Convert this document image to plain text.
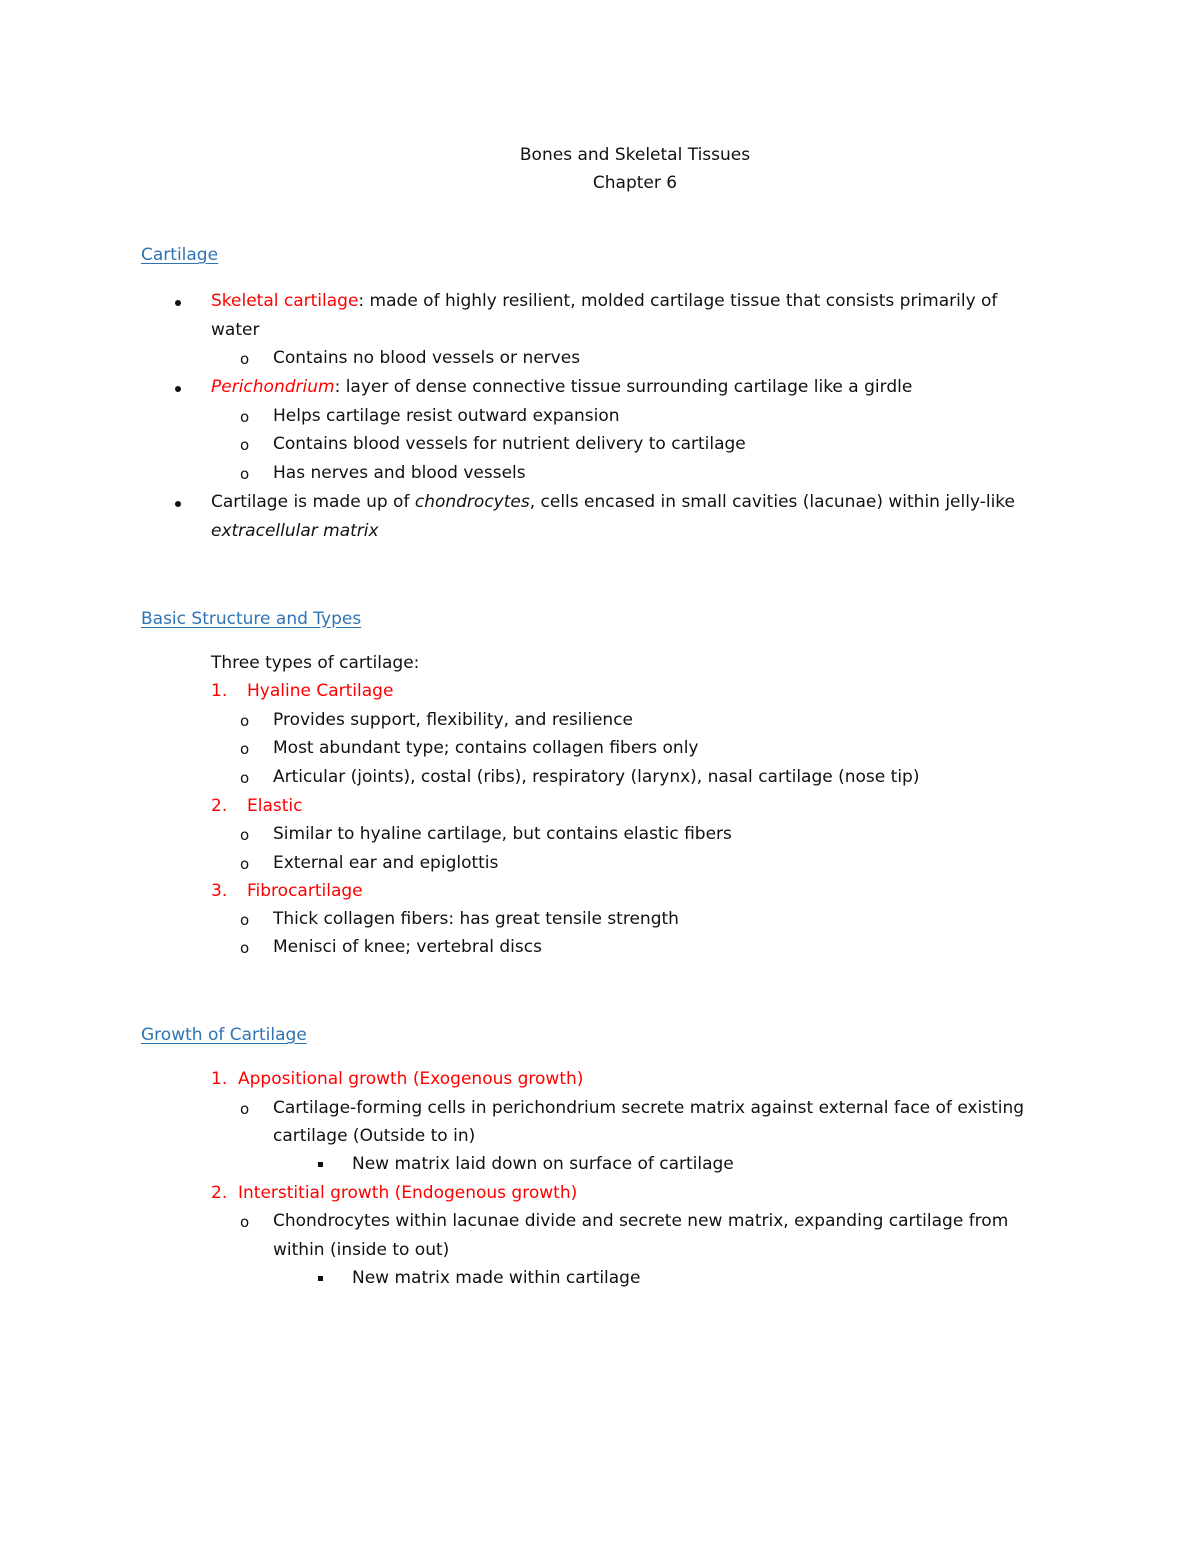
Bones and Skeletal Tissues
Chapter 6
Cartilage
Skeletal cartilage: made of highly resilient, molded cartilage tissue that consists primarily of
water
o Contains no blood vessels or nerves
Perichondrium: layer of dense connective tissue surrounding cartilage like a girdle
o Helps cartilage resist outward expansion
o Contains blood vessels for nutrient delivery to cartilage
o Has nerves and blood vessels
Cartilage is made up of chondrocytes, cells encased in small cavities (lacunae) within jelly-like
extracellular matrix
Basic Structure and Types
Three types of cartilage:
1. Hyaline Cartilage
o Provides support, flexibility, and resilience
o Most abundant type; contains collagen fibers only
o Articular (joints), costal (ribs), respiratory (larynx), nasal cartilage (nose tip)
2. Elastic
o Similar to hyaline cartilage, but contains elastic fibers
o External ear and epiglottis
3. Fibrocartilage
o Thick collagen fibers: has great tensile strength
o Menisci of knee; vertebral discs
Growth of Cartilage
1. Appositional growth (Exogenous growth)
o Cartilage-forming cells in perichondrium secrete matrix against external face of existing
cartilage (Outside to in)
New matrix laid down on surface of cartilage
2. Interstitial growth (Endogenous growth)
o Chondrocytes within lacunae divide and secrete new matrix, expanding cartilage from
within (inside to out)
New matrix made within cartilage
